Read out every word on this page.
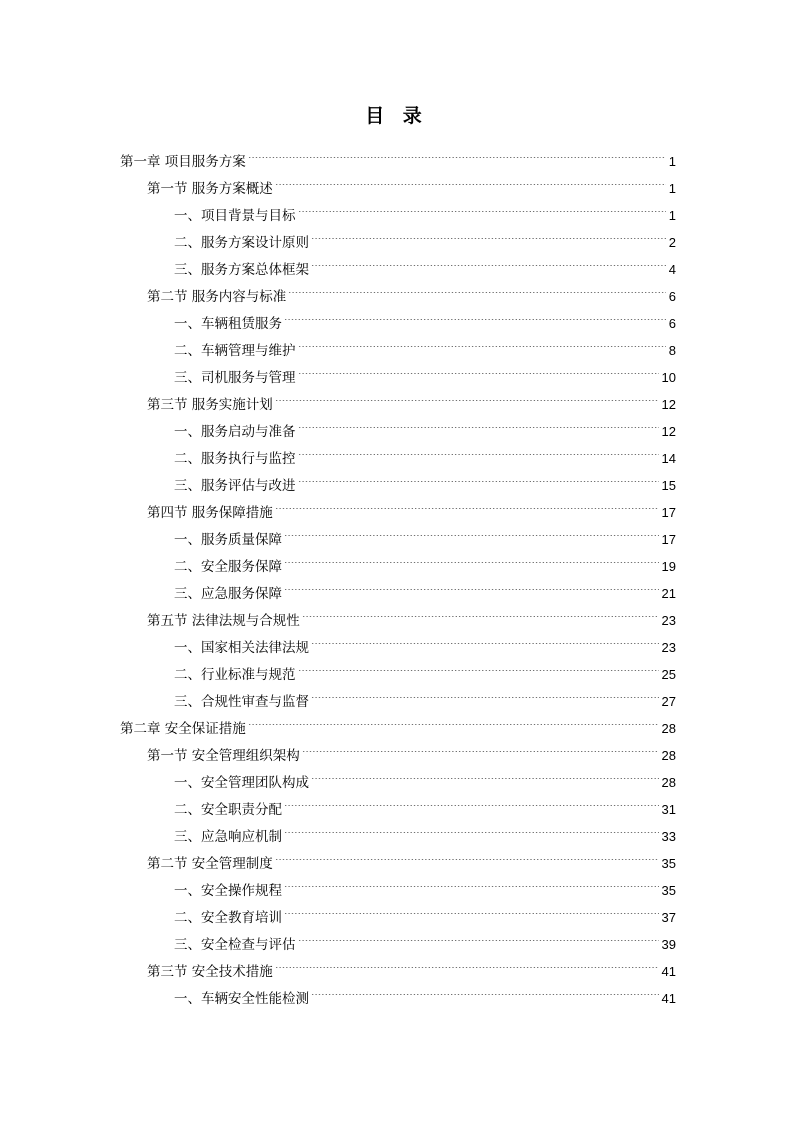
目 录
第一章 项目服务方案	1
第一节 服务方案概述	1
一、项目背景与目标	1
二、服务方案设计原则	2
三、服务方案总体框架	4
第二节 服务内容与标准	6
一、车辆租赁服务	6
二、车辆管理与维护	8
三、司机服务与管理	10
第三节 服务实施计划	12
一、服务启动与准备	12
二、服务执行与监控	14
三、服务评估与改进	15
第四节 服务保障措施	17
一、服务质量保障	17
二、安全服务保障	19
三、应急服务保障	21
第五节 法律法规与合规性	23
一、国家相关法律法规	23
二、行业标准与规范	25
三、合规性审查与监督	27
第二章 安全保证措施	28
第一节 安全管理组织架构	28
一、安全管理团队构成	28
二、安全职责分配	31
三、应急响应机制	33
第二节 安全管理制度	35
一、安全操作规程	35
二、安全教育培训	37
三、安全检查与评估	39
第三节 安全技术措施	41
一、车辆安全性能检测	41
